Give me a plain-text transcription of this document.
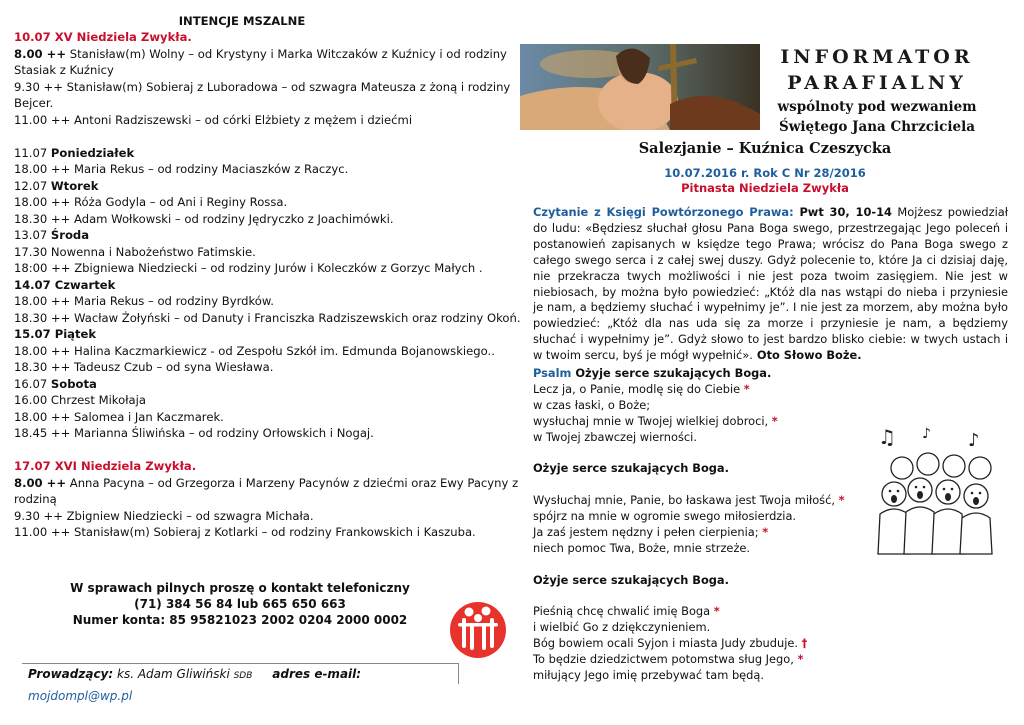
INTENCJE MSZALNE
10.07 XV Niedziela Zwykła.
8.00 ++ Stanisław(m) Wolny – od Krystyny i Marka Witczaków z Kuźnicy i od rodziny
Stasiak z Kuźnicy
9.30 ++ Stanisław(m) Sobieraj z Luboradowa – od szwagra Mateusza z żoną i rodziny
Bejcer.
11.00 ++ Antoni Radziszewski – od córki Elżbiety z mężem i dziećmi
11.07 Poniedziałek
18.00 ++ Maria Rekus – od rodziny Maciaszków z Raczyc.
12.07 Wtorek
18.00 ++ Róża Godyla – od Ani i Reginy Rossa.
18.30 ++ Adam Wołkowski – od rodziny Jędryczko z Joachimówki.
13.07 Środa
17.30 Nowenna i Nabożeństwo Fatimskie.
18:00 ++ Zbigniewa Niedziecki – od rodziny Jurów i Koleczków z Gorzyc Małych .
14.07 Czwartek
18.00 ++ Maria Rekus – od rodziny Byrdków.
18.30 ++ Wacław Żołyński – od Danuty i Franciszka Radziszewskich oraz rodziny Okoń.
15.07 Piątek
18.00 ++ Halina Kaczmarkiewicz - od Zespołu Szkół im. Edmunda Bojanowskiego..
18.30 ++ Tadeusz Czub – od syna Wiesława.
16.07 Sobota
16.00 Chrzest Mikołaja
18.00 ++ Salomea i Jan Kaczmarek.
18.45 ++ Marianna Śliwińska – od rodziny Orłowskich i Nogaj.
17.07 XVI Niedziela Zwykła.
8.00 ++ Anna Pacyna – od Grzegorza i Marzeny Pacynów z dziećmi oraz Ewy Pacyny z
rodziną
9.30 ++ Zbigniew Niedziecki – od szwagra Michała.
11.00 ++ Stanisław(m) Sobieraj z Kotlarki – od rodziny Frankowskich i Kaszuba.
W sprawach pilnych proszę o kontakt telefoniczny
(71) 384 56 84 lub 665 650 663
Numer konta: 85 95821023 2002 0204 2000 0002
Prowadzący: ks. Adam Gliwiński SDB adres e-mail: mojdompl@wp.pl
INFORMATOR
PARAFIALNY
wspólnoty pod wezwaniem
Świętego Jana Chrzciciela
Salezjanie – Kuźnica Czeszycka
10.07.2016 r. Rok C Nr 28/2016
Pitnasta Niedziela Zwykła
Czytanie z Księgi Powtórzonego Prawa: Pwt 30, 10-14 Mojżesz powiedział do ludu: «Będziesz słuchał głosu Pana Boga swego, przestrzegając Jego poleceń i postanowień zapisanych w księdze tego Prawa; wrócisz do Pana Boga swego z całego swego serca i z całej swej duszy. Gdyż polecenie to, które Ja ci dzisiaj daję, nie przekracza twych możliwości i nie jest poza twoim zasięgiem. Nie jest w niebiosach, by można było powiedzieć: „Któż dla nas wstąpi do nieba i przyniesie je nam, a będziemy słuchać i wypełnimy je”. I nie jest za morzem, aby można było powiedzieć: „Któż dla nas uda się za morze i przyniesie je nam, a będziemy słuchać i wypełnimy je”. Gdyż słowo to jest bardzo blisko ciebie: w twych ustach i w twoim sercu, byś je mógł wypełnić». Oto Słowo Boże.
Psalm Ożyje serce szukających Boga.
Lecz ja, o Panie, modlę się do Ciebie *
w czas łaski, o Boże;
wysłuchaj mnie w Twojej wielkiej dobroci, *
w Twojej zbawczej wierności.
Ożyje serce szukających Boga.
Wysłuchaj mnie, Panie, bo łaskawa jest Twoja miłość, *
spójrz na mnie w ogromie swego miłosierdzia.
Ja zaś jestem nędzny i pełen cierpienia; *
niech pomoc Twa, Boże, mnie strzeże.
Ożyje serce szukających Boga.
Pieśnią chcę chwalić imię Boga *
i wielbić Go z dziękczynieniem.
Bóg bowiem ocali Syjon i miasta Judy zbuduje. †
To będzie dziedzictwem potomstwa sług Jego, *
miłujący Jego imię przebywać tam będą.
♫ ♪ ♪
